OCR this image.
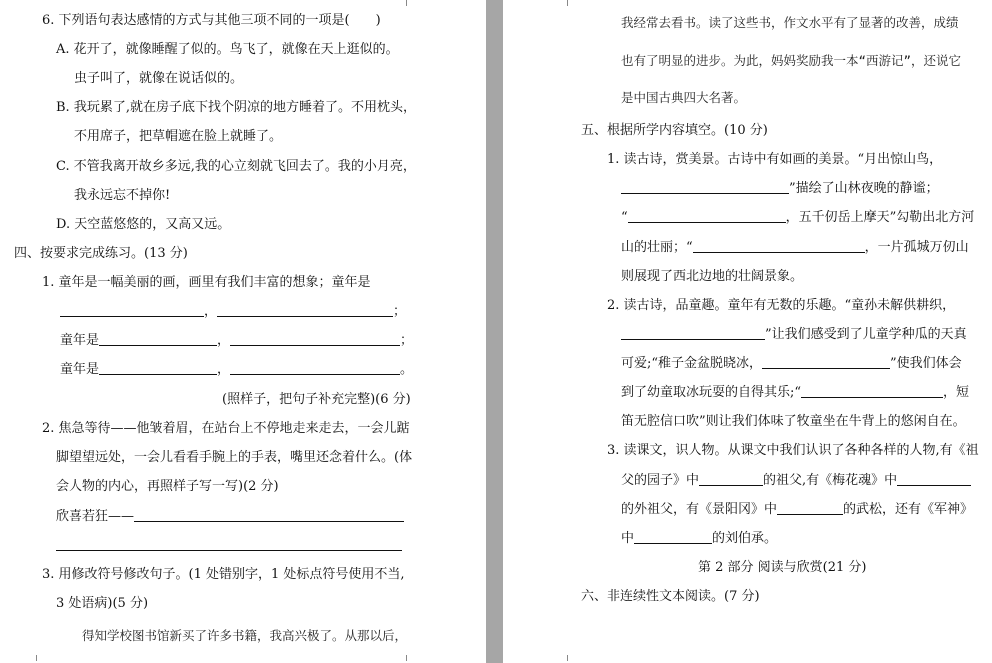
6. 下列语句表达感情的方式与其他三项不同的一项是(　　)
A. 花开了，就像睡醒了似的。鸟飞了，就像在天上逛似的。
虫子叫了，就像在说话似的。
B. 我玩累了,就在房子底下找个阴凉的地方睡着了。不用枕头，
不用席子，把草帽遮在脸上就睡了。
C. 不管我离开故乡多远,我的心立刻就飞回去了。我的小月亮，
我永远忘不掉你!
D. 天空蓝悠悠的，又高又远。
四、按要求完成练习。(13 分)
1. 童年是一幅美丽的画，画里有我们丰富的想象；童年是
，	；
童年是	，	；
童年是	，	。
(照样子，把句子补充完整)(6 分)
2. 焦急等待——他皱着眉，在站台上不停地走来走去，一会儿踮
脚望望远处，一会儿看看手腕上的手表，嘴里还念着什么。(体
会人物的内心，再照样子写一写)(2 分)
欣喜若狂——
3. 用修改符号修改句子。(1 处错别字，1 处标点符号使用不当,
3 处语病)(5 分)
得知学校图书馆新买了许多书籍，我高兴极了。从那以后，
我经常去看书。读了这些书，作文水平有了显著的改善，成绩
也有了明显的进步。为此，妈妈奖励我一本“西游记”，还说它
是中国古典四大名著。
五、根据所学内容填空。(10 分)
1. 读古诗，赏美景。古诗中有如画的美景。“月出惊山鸟，
”描绘了山林夜晚的静谧；
“	，五千仞岳上摩天”勾勒出北方河
山的壮丽；“	，一片孤城万仞山
则展现了西北边地的壮阔景象。
2. 读古诗，品童趣。童年有无数的乐趣。“童孙未解供耕织，
”让我们感受到了儿童学种瓜的天真
可爱;“稚子金盆脱晓冰，	”使我们体会
到了幼童取冰玩耍的自得其乐;“	，短
笛无腔信口吹”则让我们体味了牧童坐在牛背上的悠闲自在。
3. 读课文，识人物。从课文中我们认识了各种各样的人物,有《祖
父的园子》中	的祖父,有《梅花魂》中
的外祖父，有《景阳冈》中	的武松，还有《军神》
中	的刘伯承。
第 2 部分 阅读与欣赏(21 分)
六、非连续性文本阅读。(7 分)
